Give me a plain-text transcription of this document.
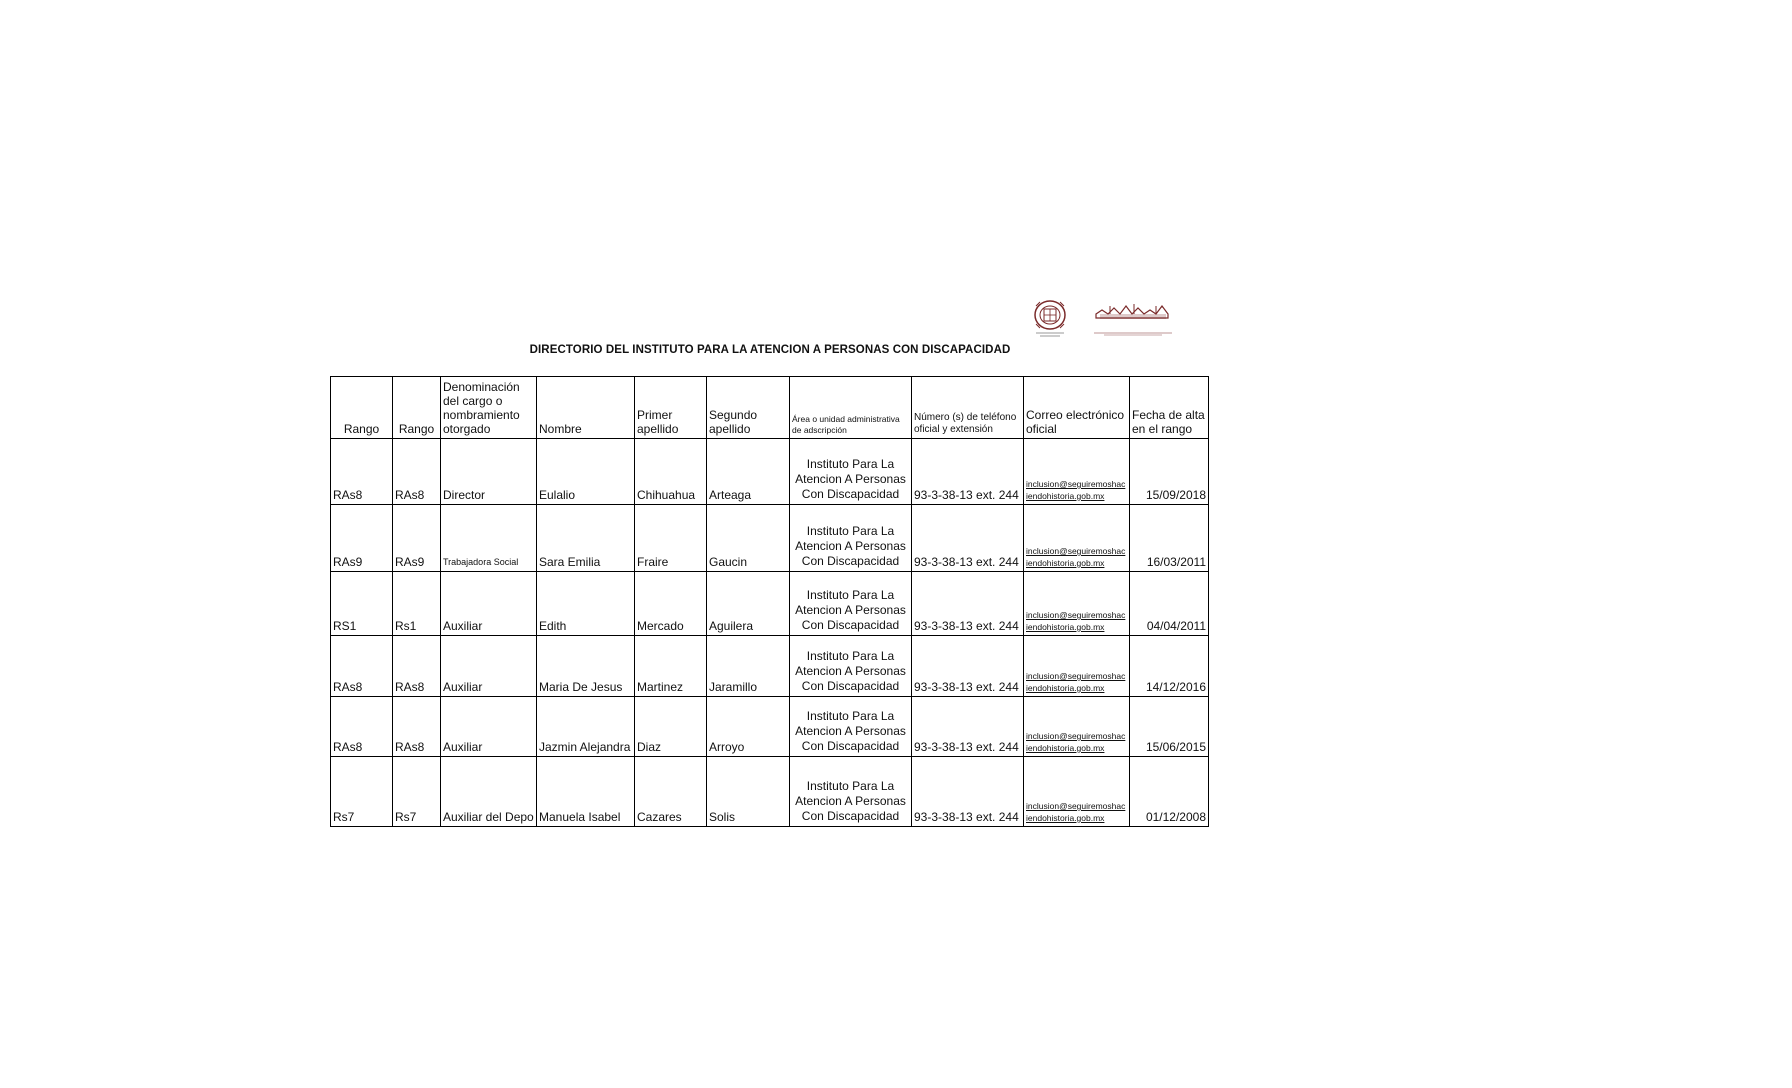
DIRECTORIO DEL INSTITUTO PARA LA ATENCION A PERSONAS CON DISCAPACIDAD
Rango	Rango	Denominación del cargo o nombramiento otorgado	Nombre	Primer apellido	Segundo apellido	Área o unidad administrativa de adscripción	Número (s) de teléfono oficial y extensión	Correo electrónico oficial	Fecha de alta en el rango
RAs8	RAs8	Director	Eulalio	Chihuahua	Arteaga	Instituto Para La Atencion A Personas Con Discapacidad	93-3-38-13 ext. 244	inclusion@seguiremoshaciendohistoria.gob.mx	15/09/2018
RAs9	RAs9	Trabajadora Social	Sara Emilia	Fraire	Gaucin	Instituto Para La Atencion A Personas Con Discapacidad	93-3-38-13 ext. 244	inclusion@seguiremoshaciendohistoria.gob.mx	16/03/2011
RS1	Rs1	Auxiliar	Edith	Mercado	Aguilera	Instituto Para La Atencion A Personas Con Discapacidad	93-3-38-13 ext. 244	inclusion@seguiremoshaciendohistoria.gob.mx	04/04/2011
RAs8	RAs8	Auxiliar	Maria De Jesus	Martinez	Jaramillo	Instituto Para La Atencion A Personas Con Discapacidad	93-3-38-13 ext. 244	inclusion@seguiremoshaciendohistoria.gob.mx	14/12/2016
RAs8	RAs8	Auxiliar	Jazmin Alejandra	Diaz	Arroyo	Instituto Para La Atencion A Personas Con Discapacidad	93-3-38-13 ext. 244	inclusion@seguiremoshaciendohistoria.gob.mx	15/06/2015
Rs7	Rs7	Auxiliar del Depo	Manuela Isabel	Cazares	Solis	Instituto Para La Atencion A Personas Con Discapacidad	93-3-38-13 ext. 244	inclusion@seguiremoshaciendohistoria.gob.mx	01/12/2008
